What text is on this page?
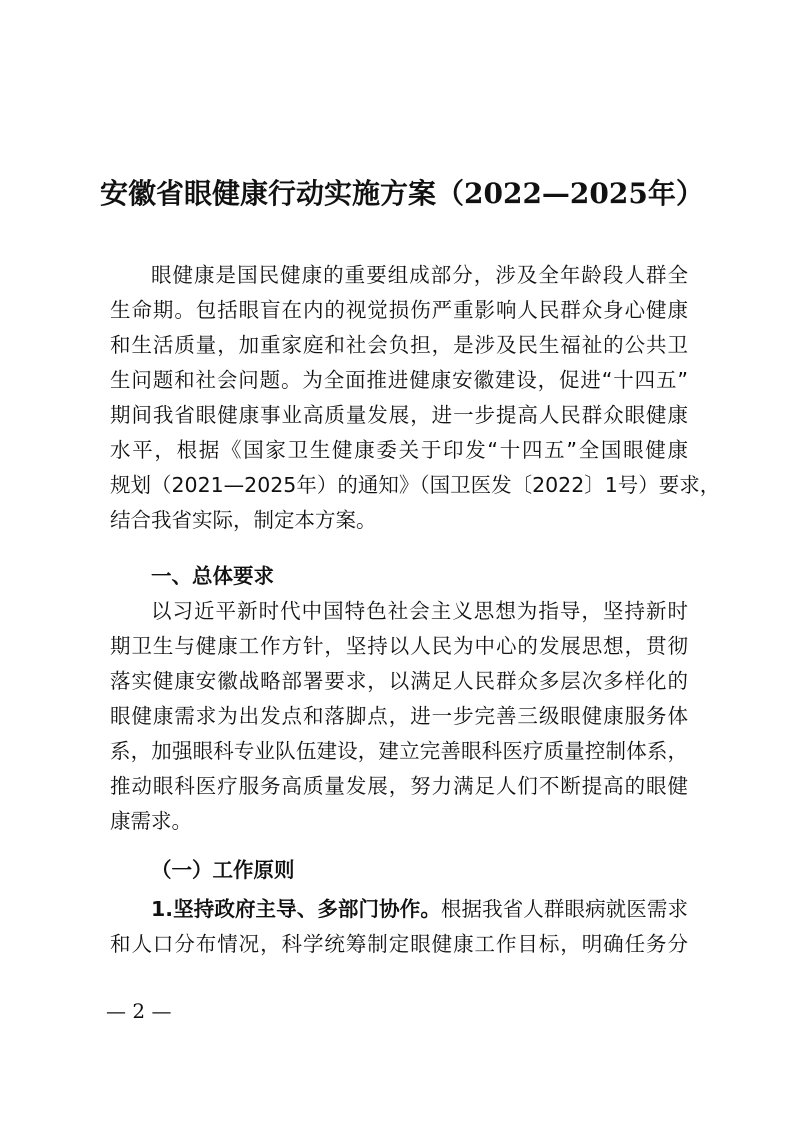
安徽省眼健康行动实施方案（2022—2025年）
眼健康是国民健康的重要组成部分，涉及全年龄段人群全
生命期。包括眼盲在内的视觉损伤严重影响人民群众身心健康
和生活质量，加重家庭和社会负担，是涉及民生福祉的公共卫
生问题和社会问题。为全面推进健康安徽建设，促进“十四五”
期间我省眼健康事业高质量发展，进一步提高人民群众眼健康
水平，根据《国家卫生健康委关于印发“十四五”全国眼健康
规划（2021—2025年）的通知》（国卫医发〔2022〕1号）要求，
结合我省实际，制定本方案。
一、总体要求
以习近平新时代中国特色社会主义思想为指导，坚持新时
期卫生与健康工作方针，坚持以人民为中心的发展思想，贯彻
落实健康安徽战略部署要求，以满足人民群众多层次多样化的
眼健康需求为出发点和落脚点，进一步完善三级眼健康服务体
系，加强眼科专业队伍建设，建立完善眼科医疗质量控制体系，
推动眼科医疗服务高质量发展，努力满足人们不断提高的眼健
康需求。
（一）工作原则
1.坚持政府主导、多部门协作。根据我省人群眼病就医需求
和人口分布情况，科学统筹制定眼健康工作目标，明确任务分
— 2 —
